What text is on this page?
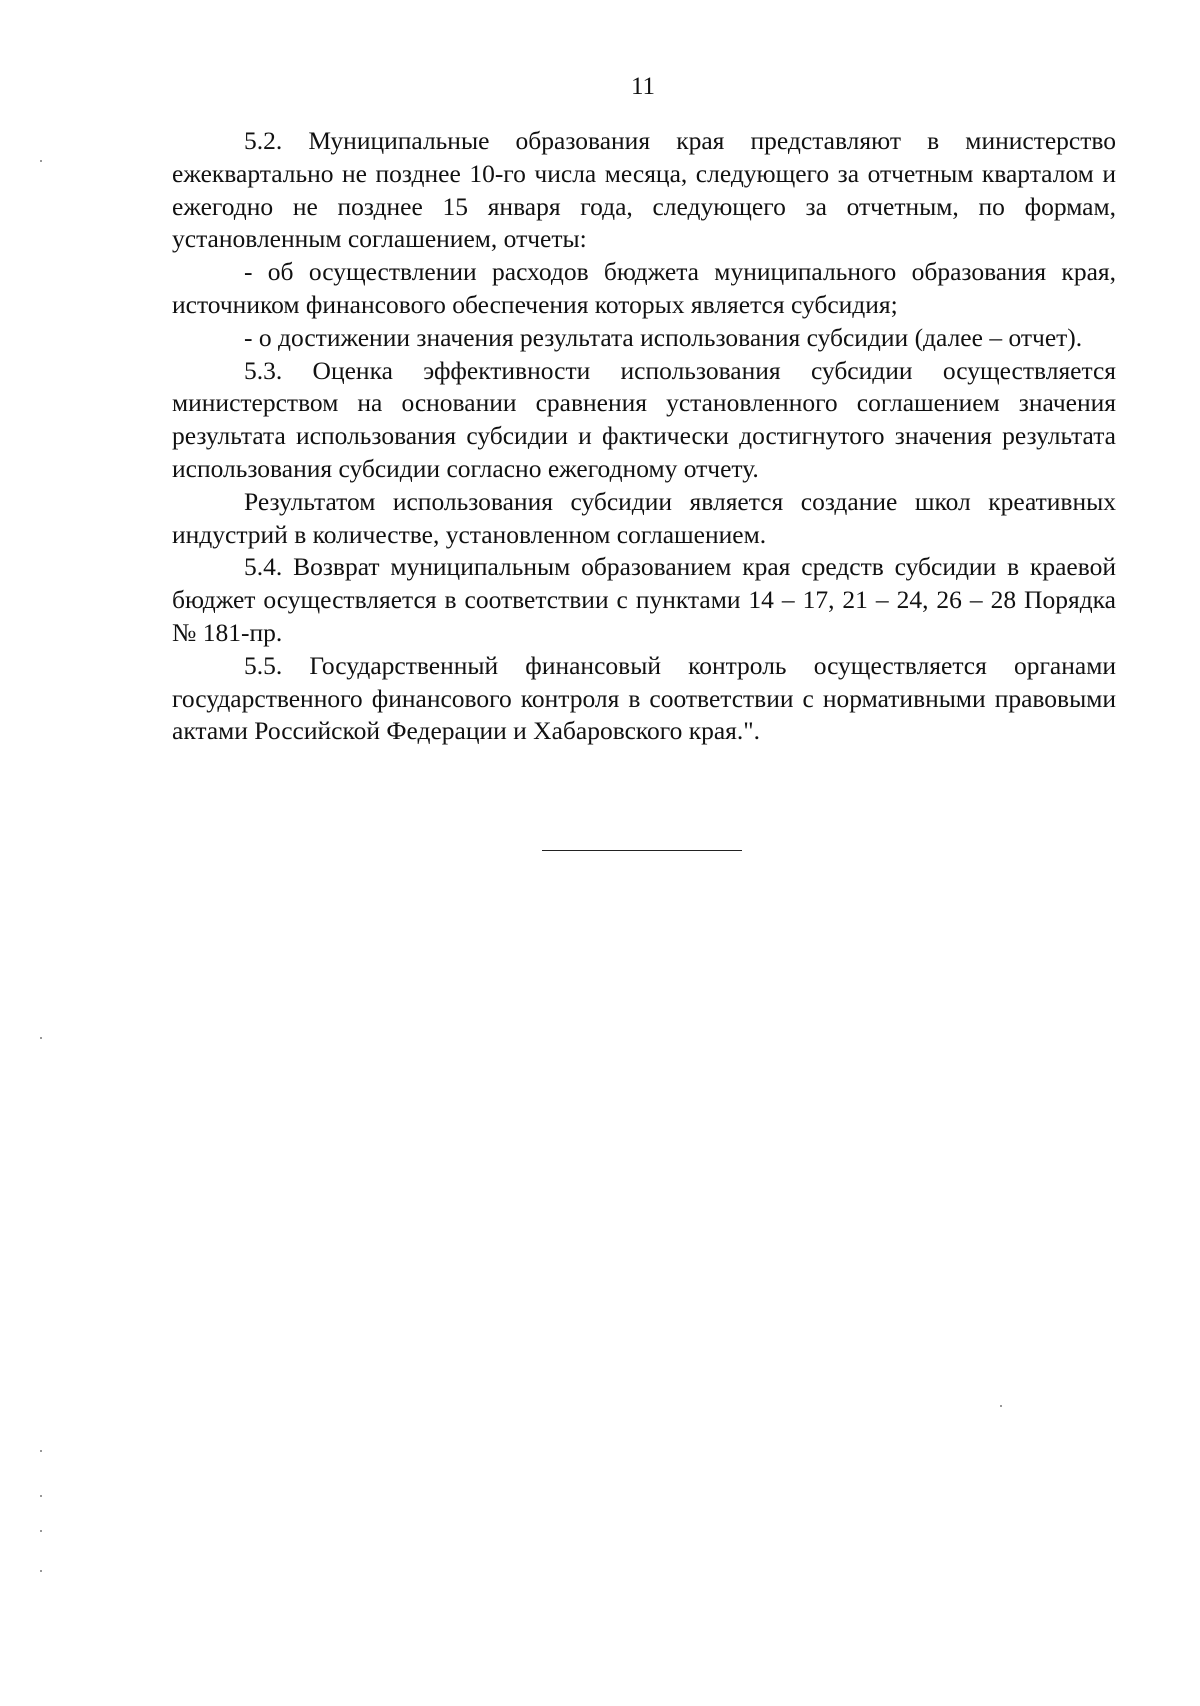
11

5.2. Муниципальные образования края представляют в министерство ежеквартально не позднее 10-го числа месяца, следующего за отчетным кварталом и ежегодно не позднее 15 января года, следующего за отчетным, по формам, установленным соглашением, отчеты:

- об осуществлении расходов бюджета муниципального образования края, источником финансового обеспечения которых является субсидия;

- о достижении значения результата использования субсидии (далее – отчет).

5.3. Оценка эффективности использования субсидии осуществляется министерством на основании сравнения установленного соглашением значения результата использования субсидии и фактически достигнутого значения результата использования субсидии согласно ежегодному отчету.

Результатом использования субсидии является создание школ креативных индустрий в количестве, установленном соглашением.

5.4. Возврат муниципальным образованием края средств субсидии в краевой бюджет осуществляется в соответствии с пунктами 14 – 17, 21 – 24, 26 – 28 Порядка № 181-пр.

5.5. Государственный финансовый контроль осуществляется органами государственного финансового контроля в соответствии с нормативными правовыми актами Российской Федерации и Хабаровского края.".
